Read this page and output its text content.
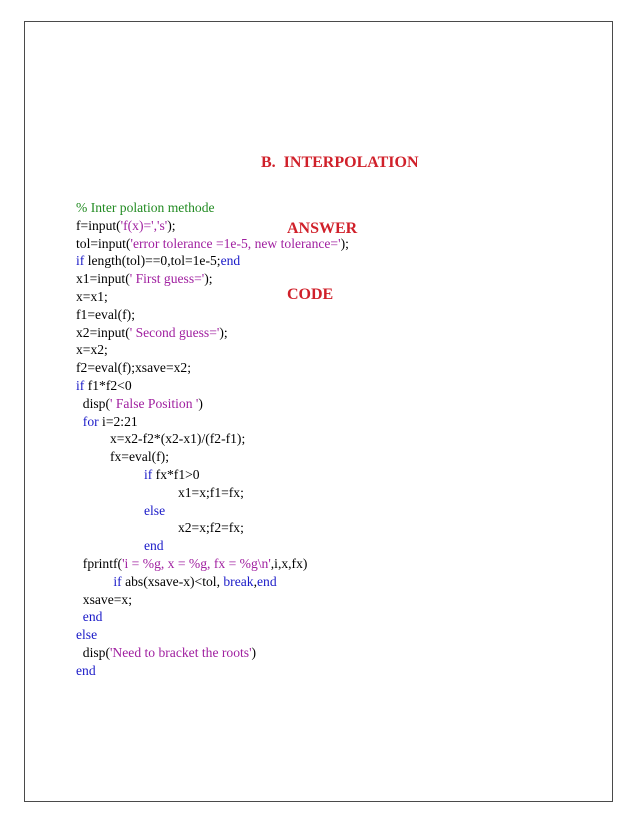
B.  INTERPOLATION

ANSWER

CODE

% Inter polation methode
f=input('f(x)=','s');
tol=input('error tolerance =1e-5, new tolerance=');
if length(tol)==0,tol=1e-5;end
x1=input(' First guess=');
x=x1;
f1=eval(f);
x2=input(' Second guess=');
x=x2;
f2=eval(f);xsave=x2;
if f1*f2<0
disp(' False Position ')
for i=2:21
x=x2-f2*(x2-x1)/(f2-f1);
fx=eval(f);
if fx*f1>0
x1=x;f1=fx;
else
x2=x;f2=fx;
end
fprintf('i = %g, x = %g, fx = %g\n',i,x,fx)
if abs(xsave-x)<tol, break,end
xsave=x;
end
else
disp('Need to bracket the roots')
end
